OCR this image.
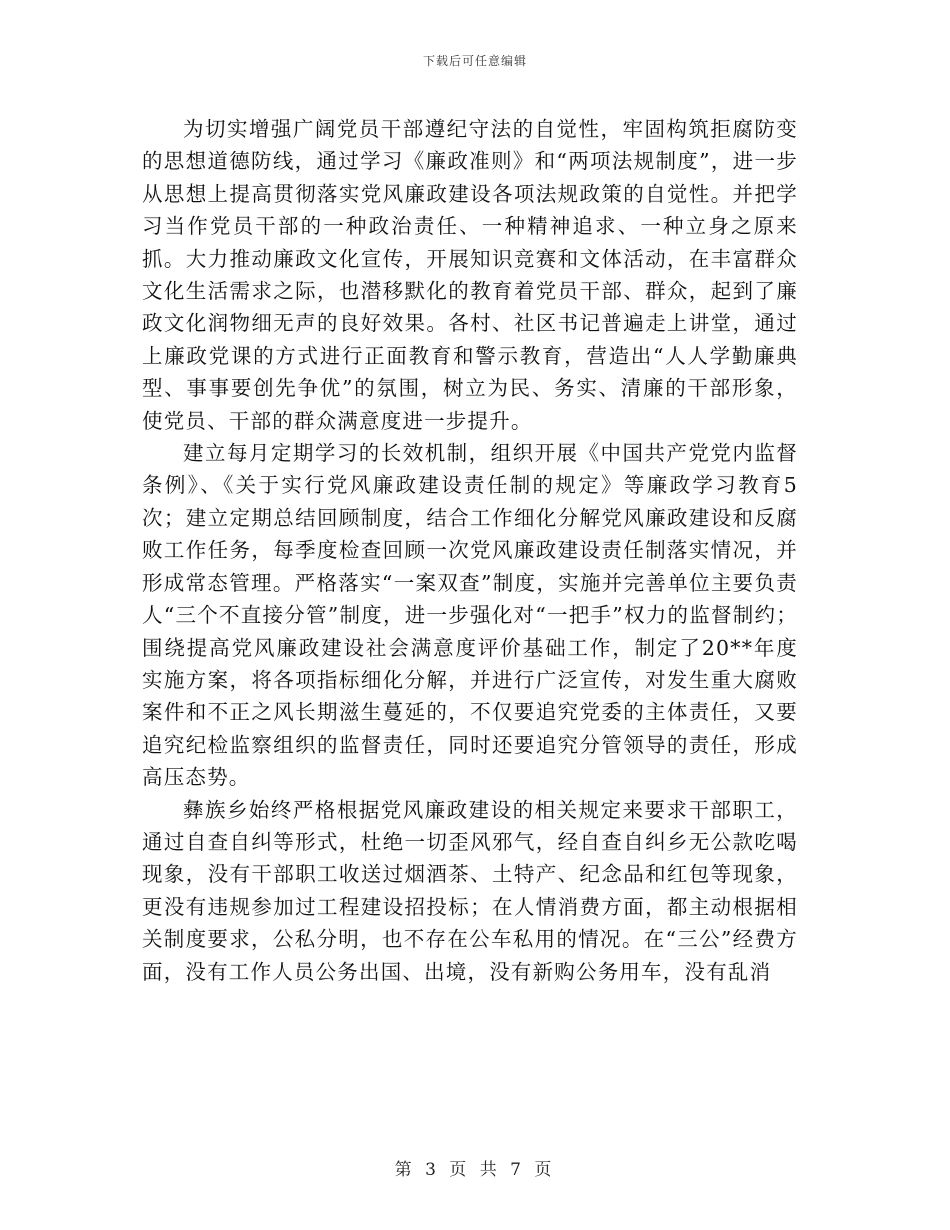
下载后可任意编辑

为切实增强广阔党员干部遵纪守法的自觉性，牢固构筑拒腐防变的思想道德防线，通过学习《廉政准则》和“两项法规制度”，进一步从思想上提高贯彻落实党风廉政建设各项法规政策的自觉性。并把学习当作党员干部的一种政治责任、一种精神追求、一种立身之原来抓。大力推动廉政文化宣传，开展知识竞赛和文体活动，在丰富群众文化生活需求之际，也潜移默化的教育着党员干部、群众，起到了廉政文化润物细无声的良好效果。各村、社区书记普遍走上讲堂，通过上廉政党课的方式进行正面教育和警示教育，营造出“人人学勤廉典型、事事要创先争优”的氛围，树立为民、务实、清廉的干部形象，使党员、干部的群众满意度进一步提升。

建立每月定期学习的长效机制，组织开展《中国共产党党内监督条例》、《关于实行党风廉政建设责任制的规定》等廉政学习教育5次；建立定期总结回顾制度，结合工作细化分解党风廉政建设和反腐败工作任务，每季度检查回顾一次党风廉政建设责任制落实情况，并形成常态管理。严格落实“一案双查”制度，实施并完善单位主要负责人“三个不直接分管”制度，进一步强化对“一把手”权力的监督制约；围绕提高党风廉政建设社会满意度评价基础工作，制定了20**年度实施方案，将各项指标细化分解，并进行广泛宣传，对发生重大腐败案件和不正之风长期滋生蔓延的，不仅要追究党委的主体责任，又要追究纪检监察组织的监督责任，同时还要追究分管领导的责任，形成高压态势。

彝族乡始终严格根据党风廉政建设的相关规定来要求干部职工，通过自查自纠等形式，杜绝一切歪风邪气，经自查自纠乡无公款吃喝现象，没有干部职工收送过烟酒茶、土特产、纪念品和红包等现象，更没有违规参加过工程建设招投标；在人情消费方面，都主动根据相关制度要求，公私分明，也不存在公车私用的情况。在“三公”经费方面，没有工作人员公务出国、出境，没有新购公务用车，没有乱消

第 3 页 共 7 页
